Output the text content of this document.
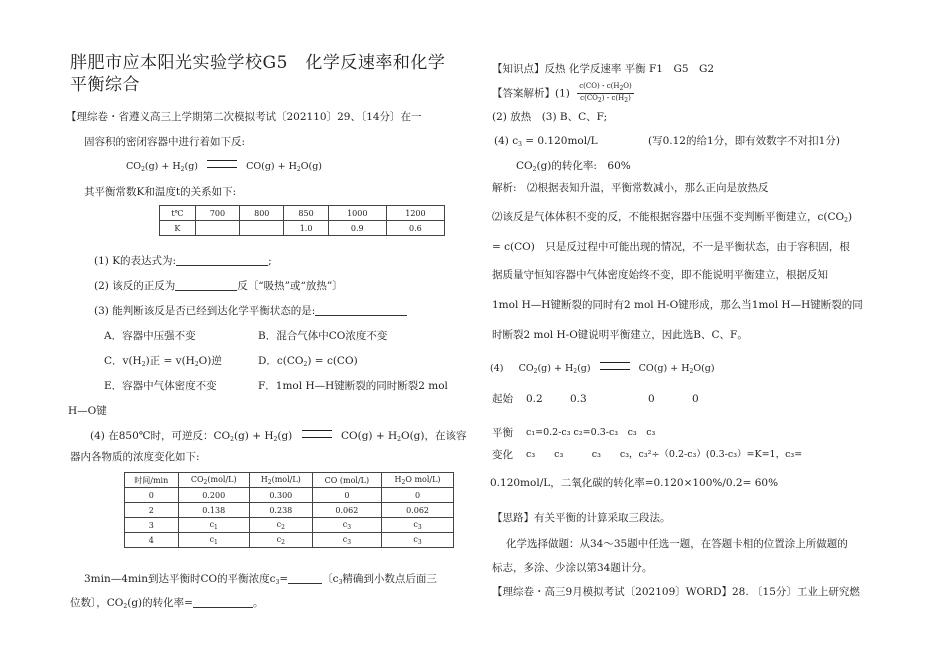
胖肥市应本阳光实验学校G5　化学反速率和化学
平衡综合
【理综卷・省遵义高三上学期第二次模拟考试〔202110〕29、〔14分〕在一
固容积的密闭容器中进行着如下反:
$CO_2(g) + H_2(g)$	$CO(g) + H_2O(g)$
其平衡常数K和温度t的关系如下:
t℃	700	800	850	1000	1200
K			1.0	0.9	0.6
(1) K的表达式为:	;
(2) 该反的正反为	反〔“吸热”或“放热”〕
(3) 能判断该反是否已经到达化学平衡状态的是:
A．容器中压强不变	B．混合气体中CO浓度不变
C．$v(H_2)$正 = $v(H_2O)$逆	D．$c(CO_2) = c(CO)$
E．容器中气体密度不变	F．1mol H—H键断裂的同时断裂2 mol
H—O键
(4) 在850℃时，可逆反：$CO_2(g) + H_2(g)$	$CO(g) + H_2O(g)$，在该容
器内各物质的浓度变化如下:
时间/min	$CO_2(mol/L)$	$H_2(mol/L)$	CO (mol/L)	$H_2O$ mol/L)
0	0.200	0.300	0	0
2	0.138	0.238	0.062	0.062
3	$c_1$	$c_2$	$c_3$	$c_3$
4	$c_1$	$c_2$	$c_3$	$c_3$
3min—4min到达平衡时CO的平衡浓度$c_3=$	〔$c_3$精确到小数点后面三
位数〕，$CO_2(g)$的转化率=	。
【知识点】反热 化学反速率 平衡 F1　G5　G2
【答案解析】$(1) \frac{c(CO)・c(H_2O)}{c(CO_2)・c(H_2)}$
(2) 放热　(3) B、C、F;
(4) $c_3 = 0.120mol/L$	(写0.12的给1分，即有效数字不对扣1分)
$CO_2(g)$的转化率:　60%
解析:　⑵根据表知升温，平衡常数减小，那么正向是放热反
⑵该反是气体体积不变的反，不能根据容器中压强不变判断平衡建立，$c(CO_2)$
= c(CO)　只是反过程中可能出现的情况，不一是平衡状态，由于容积固，根
据质量守恒知容器中气体密度始终不变，即不能说明平衡建立，根据反知
1mol H—H键断裂的同时有2 mol H-O键形成，那么当1mol H—H键断裂的同
时断裂2 mol H-O键说明平衡建立，因此选B、C、F。
(4) $CO_2(g) + H_2(g)$	$CO(g) + H_2O(g)$
起始 0.2	0.3	0	0
平衡 c₁=0.2-c₃ c₂=0.3-c₃　c₃　c₃
变化 c₃　　c₃　　　c₃　　c₃，c₃²÷（0.2-c₃）(0.3-c₃）=K=1，c₃=
0.120mol/L，二氧化碳的转化率=0.120×100%/0.2= 60%
【思路】有关平衡的计算采取三段法。
化学选择做题：从34～35题中任选一题，在答题卡相的位置涂上所做题的
标志，多涂、少涂以第34题计分。
【理综卷・高三9月模拟考试〔202109〕WORD】28. 〔15分〕工业上研究燃
